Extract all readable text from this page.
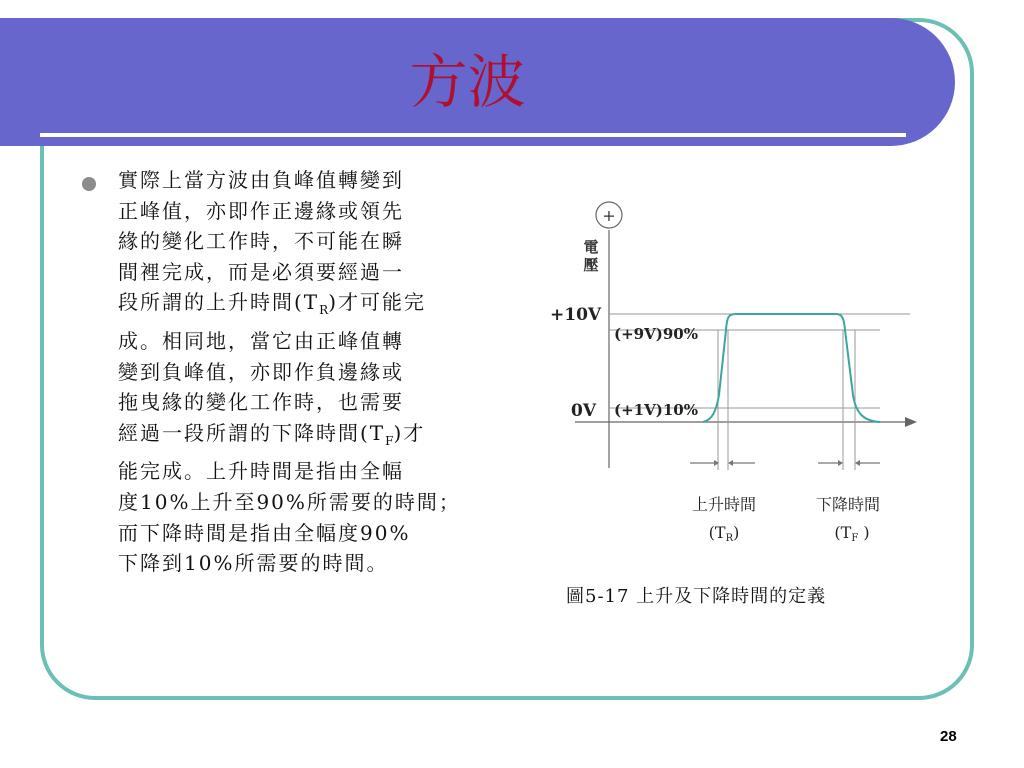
方波
實際上當方波由負峰值轉變到
正峰值，亦即作正邊緣或領先
緣的變化工作時，不可能在瞬
間裡完成，而是必須要經過一
段所謂的上升時間$(T_R)$才可能完
成。相同地，當它由正峰值轉
變到負峰值，亦即作負邊緣或
拖曳緣的變化工作時，也需要
經過一段所謂的下降時間$(T_F)$才
能完成。上升時間是指由全幅
度10%上升至90%所需要的時間；
而下降時間是指由全幅度90%
下降到10%所需要的時間。
+
電
壓
+10V
0V
(+9V)90%
(+1V)10%
上升時間
(TR)
下降時間
(TF )
圖5-17 上升及下降時間的定義
28
